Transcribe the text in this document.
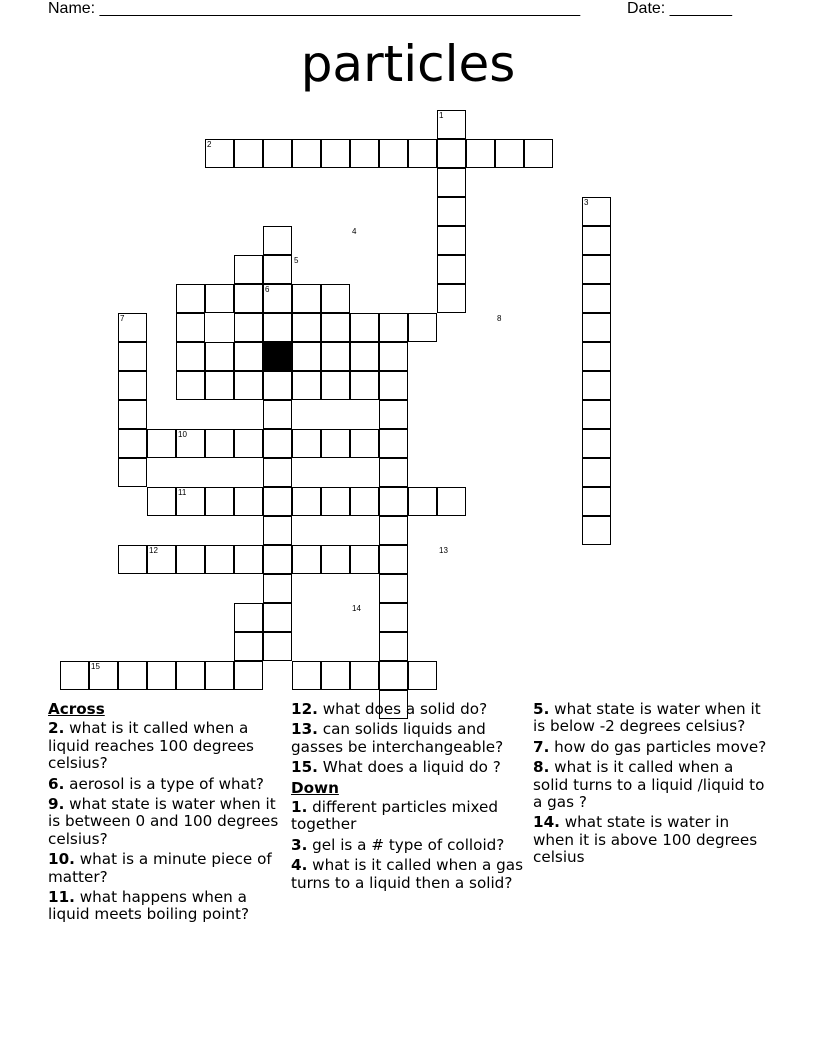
Name: ______________________________________________________	Date: _______
particles
1
2
3
4
5
6
7	8
9
10
11
12	13
14
15
Across
2. what is it called when a liquid reaches 100 degrees celsius?
6. aerosol is a type of what?
9. what state is water when it is between 0 and 100 degrees celsius?
10. what is a minute piece of matter?
11. what happens when a liquid meets boiling point?
12. what does a solid do?
13. can solids liquids and gasses be interchangeable?
15. What does a liquid do ?
Down
1. different particles mixed together
3. gel is a # type of colloid?
4. what is it called when a gas turns to a liquid then a solid?
5. what state is water when it is below -2 degrees celsius?
7. how do gas particles move?
8. what is it called when a solid turns to a liquid /liquid to a gas ?
14. what state is water in when it is above 100 degrees celsius
